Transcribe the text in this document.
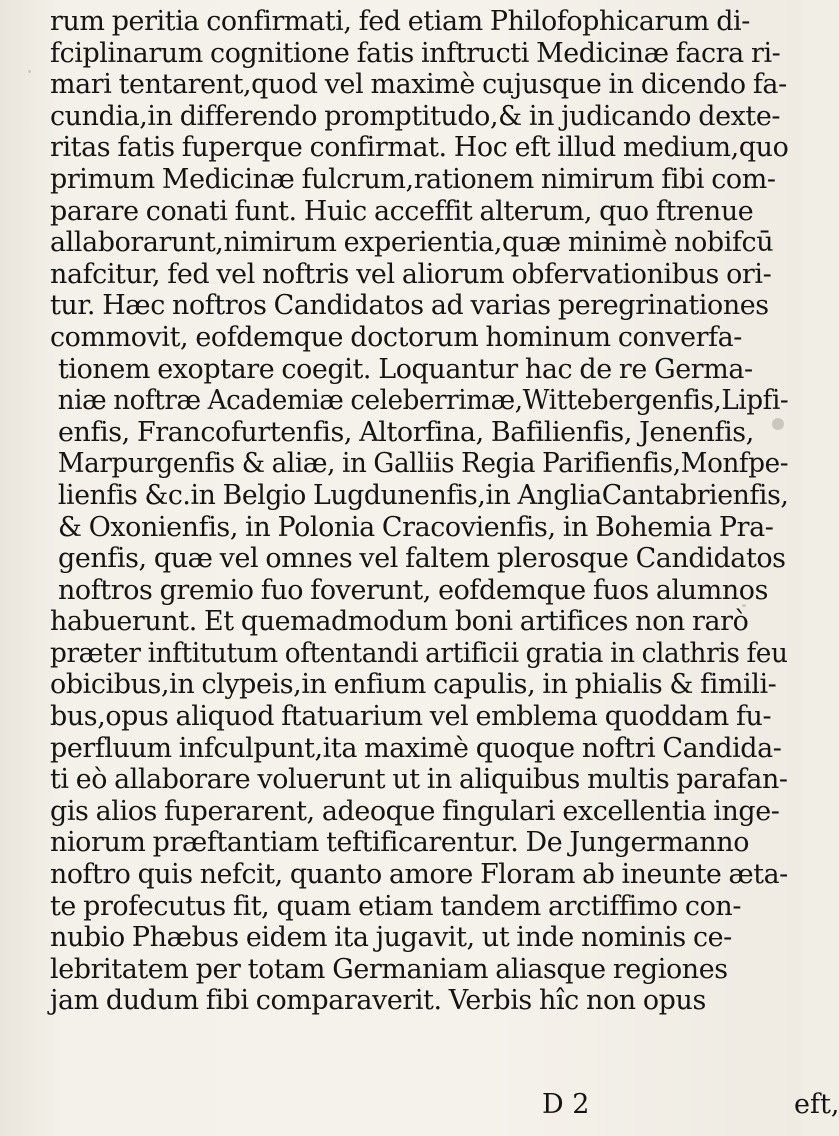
rum peritia confirmati, fed etiam Philofophicarum di-
fciplinarum cognitione fatis inftructi Medicinæ facra ri-
mari tentarent,quod vel maximè cujusque in dicendo fa-
cundia,in differendo promptitudo,& in judicando dexte-
ritas fatis fuperque confirmat. Hoc eft illud medium,quo
primum Medicinæ fulcrum,rationem nimirum fibi com-
parare conati funt. Huic acceffit alterum, quo ftrenue
allaborarunt,nimirum experientia,quæ minimè nobifcū
nafcitur, fed vel noftris vel aliorum obfervationibus ori-
tur. Hæc noftros Candidatos ad varias peregrinationes
commovit, eofdemque doctorum hominum converfa-
tionem exoptare coegit. Loquantur hac de re Germa-
niæ noftræ Academiæ celeberrimæ,Wittebergenfis,Lipfi-
enfis, Francofurtenfis, Altorfina, Bafilienfis, Jenenfis,
Marpurgenfis & aliæ, in Galliis Regia Parifienfis,Monfpe-
lienfis &c.in Belgio Lugdunenfis,in AngliaCantabrienfis,
& Oxonienfis, in Polonia Cracovienfis, in Bohemia Pra-
genfis, quæ vel omnes vel faltem plerosque Candidatos
noftros gremio fuo foverunt, eofdemque fuos alumnos
habuerunt. Et quemadmodum boni artifices non rarò
præter inftitutum oftentandi artificii gratia in clathris feu
obicibus,in clypeis,in enfium capulis, in phialis & fimili-
bus,opus aliquod ftatuarium vel emblema quoddam fu-
perfluum infculpunt,ita maximè quoque noftri Candida-
ti eò allaborare voluerunt ut in aliquibus multis parafan-
gis alios fuperarent, adeoque fingulari excellentia inge-
niorum præftantiam teftificarentur. De Jungermanno
noftro quis nefcit, quanto amore Floram ab ineunte æta-
te profecutus fit, quam etiam tandem arctiffimo con-
nubio Phæbus eidem ita jugavit, ut inde nominis ce-
lebritatem per totam Germaniam aliasque regiones
jam dudum fibi comparaverit. Verbis hîc non opus
D 2	eft,
